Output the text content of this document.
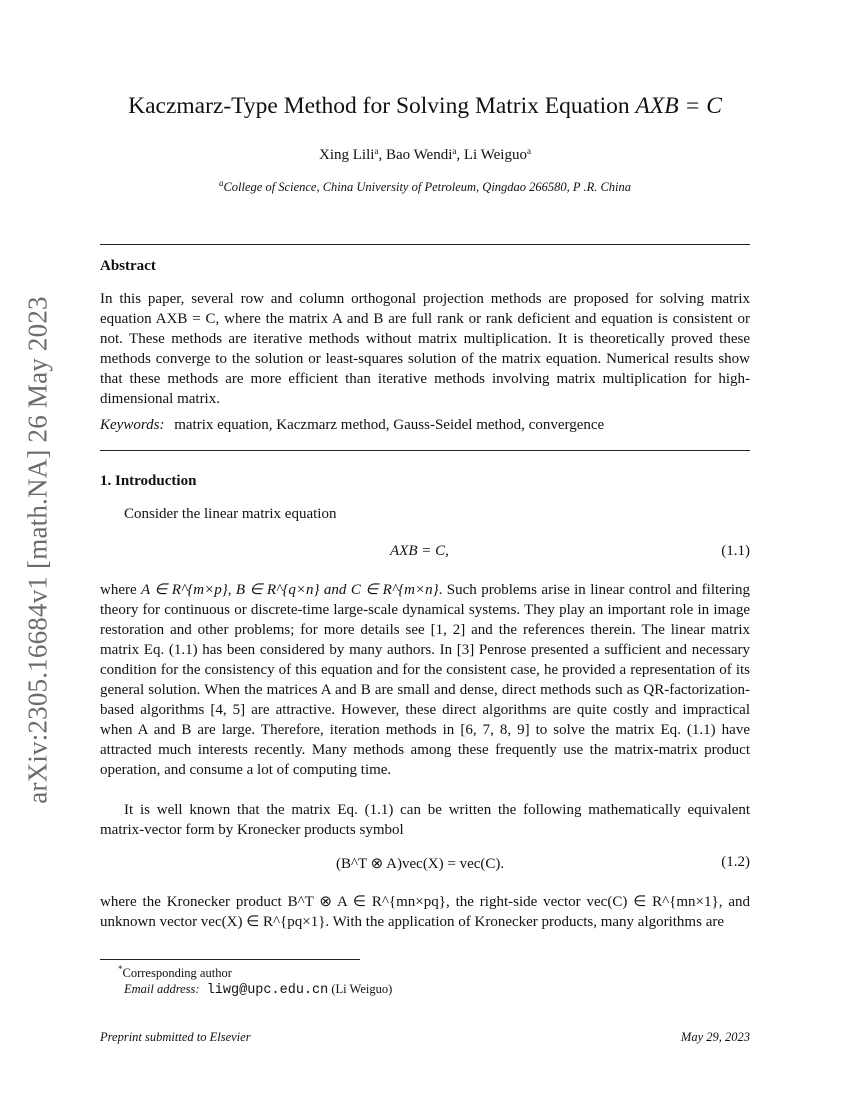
arXiv:2305.16684v1 [math.NA] 26 May 2023
Kaczmarz-Type Method for Solving Matrix Equation AXB = C
Xing Lili$^a$, Bao Wendi$^a$, Li Weiguo$^a$
$^a$College of Science, China University of Petroleum, Qingdao 266580, P .R. China
Abstract
In this paper, several row and column orthogonal projection methods are proposed for solving matrix equation AXB = C, where the matrix A and B are full rank or rank deficient and equation is consistent or not. These methods are iterative methods without matrix multiplication. It is theoretically proved these methods converge to the solution or least-squares solution of the matrix equation. Numerical results show that these methods are more efficient than iterative methods involving matrix multiplication for high-dimensional matrix.
Keywords: matrix equation, Kaczmarz method, Gauss-Seidel method, convergence
1. Introduction
Consider the linear matrix equation
AXB = C,	(1.1)
where A ∈ R^{m×p}, B ∈ R^{q×n} and C ∈ R^{m×n}. Such problems arise in linear control and filtering theory for continuous or discrete-time large-scale dynamical systems. They play an important role in image restoration and other problems; for more details see [1, 2] and the references therein. The linear matrix matrix Eq. (1.1) has been considered by many authors. In [3] Penrose presented a sufficient and necessary condition for the consistency of this equation and for the consistent case, he provided a representation of its general solution. When the matrices A and B are small and dense, direct methods such as QR-factorization-based algorithms [4, 5] are attractive. However, these direct algorithms are quite costly and impractical when A and B are large. Therefore, iteration methods in [6, 7, 8, 9] to solve the matrix Eq. (1.1) have attracted much interests recently. Many methods among these frequently use the matrix-matrix product operation, and consume a lot of computing time.
It is well known that the matrix Eq. (1.1) can be written the following mathematically equivalent matrix-vector form by Kronecker products symbol
(B^T ⊗ A)vec(X) = vec(C).	(1.2)
where the Kronecker product B^T ⊗ A ∈ R^{mn×pq}, the right-side vector vec(C) ∈ R^{mn×1}, and unknown vector vec(X) ∈ R^{pq×1}. With the application of Kronecker products, many algorithms are
*Corresponding author
Email address: liwg@upc.edu.cn (Li Weiguo)
Preprint submitted to Elsevier	May 29, 2023
